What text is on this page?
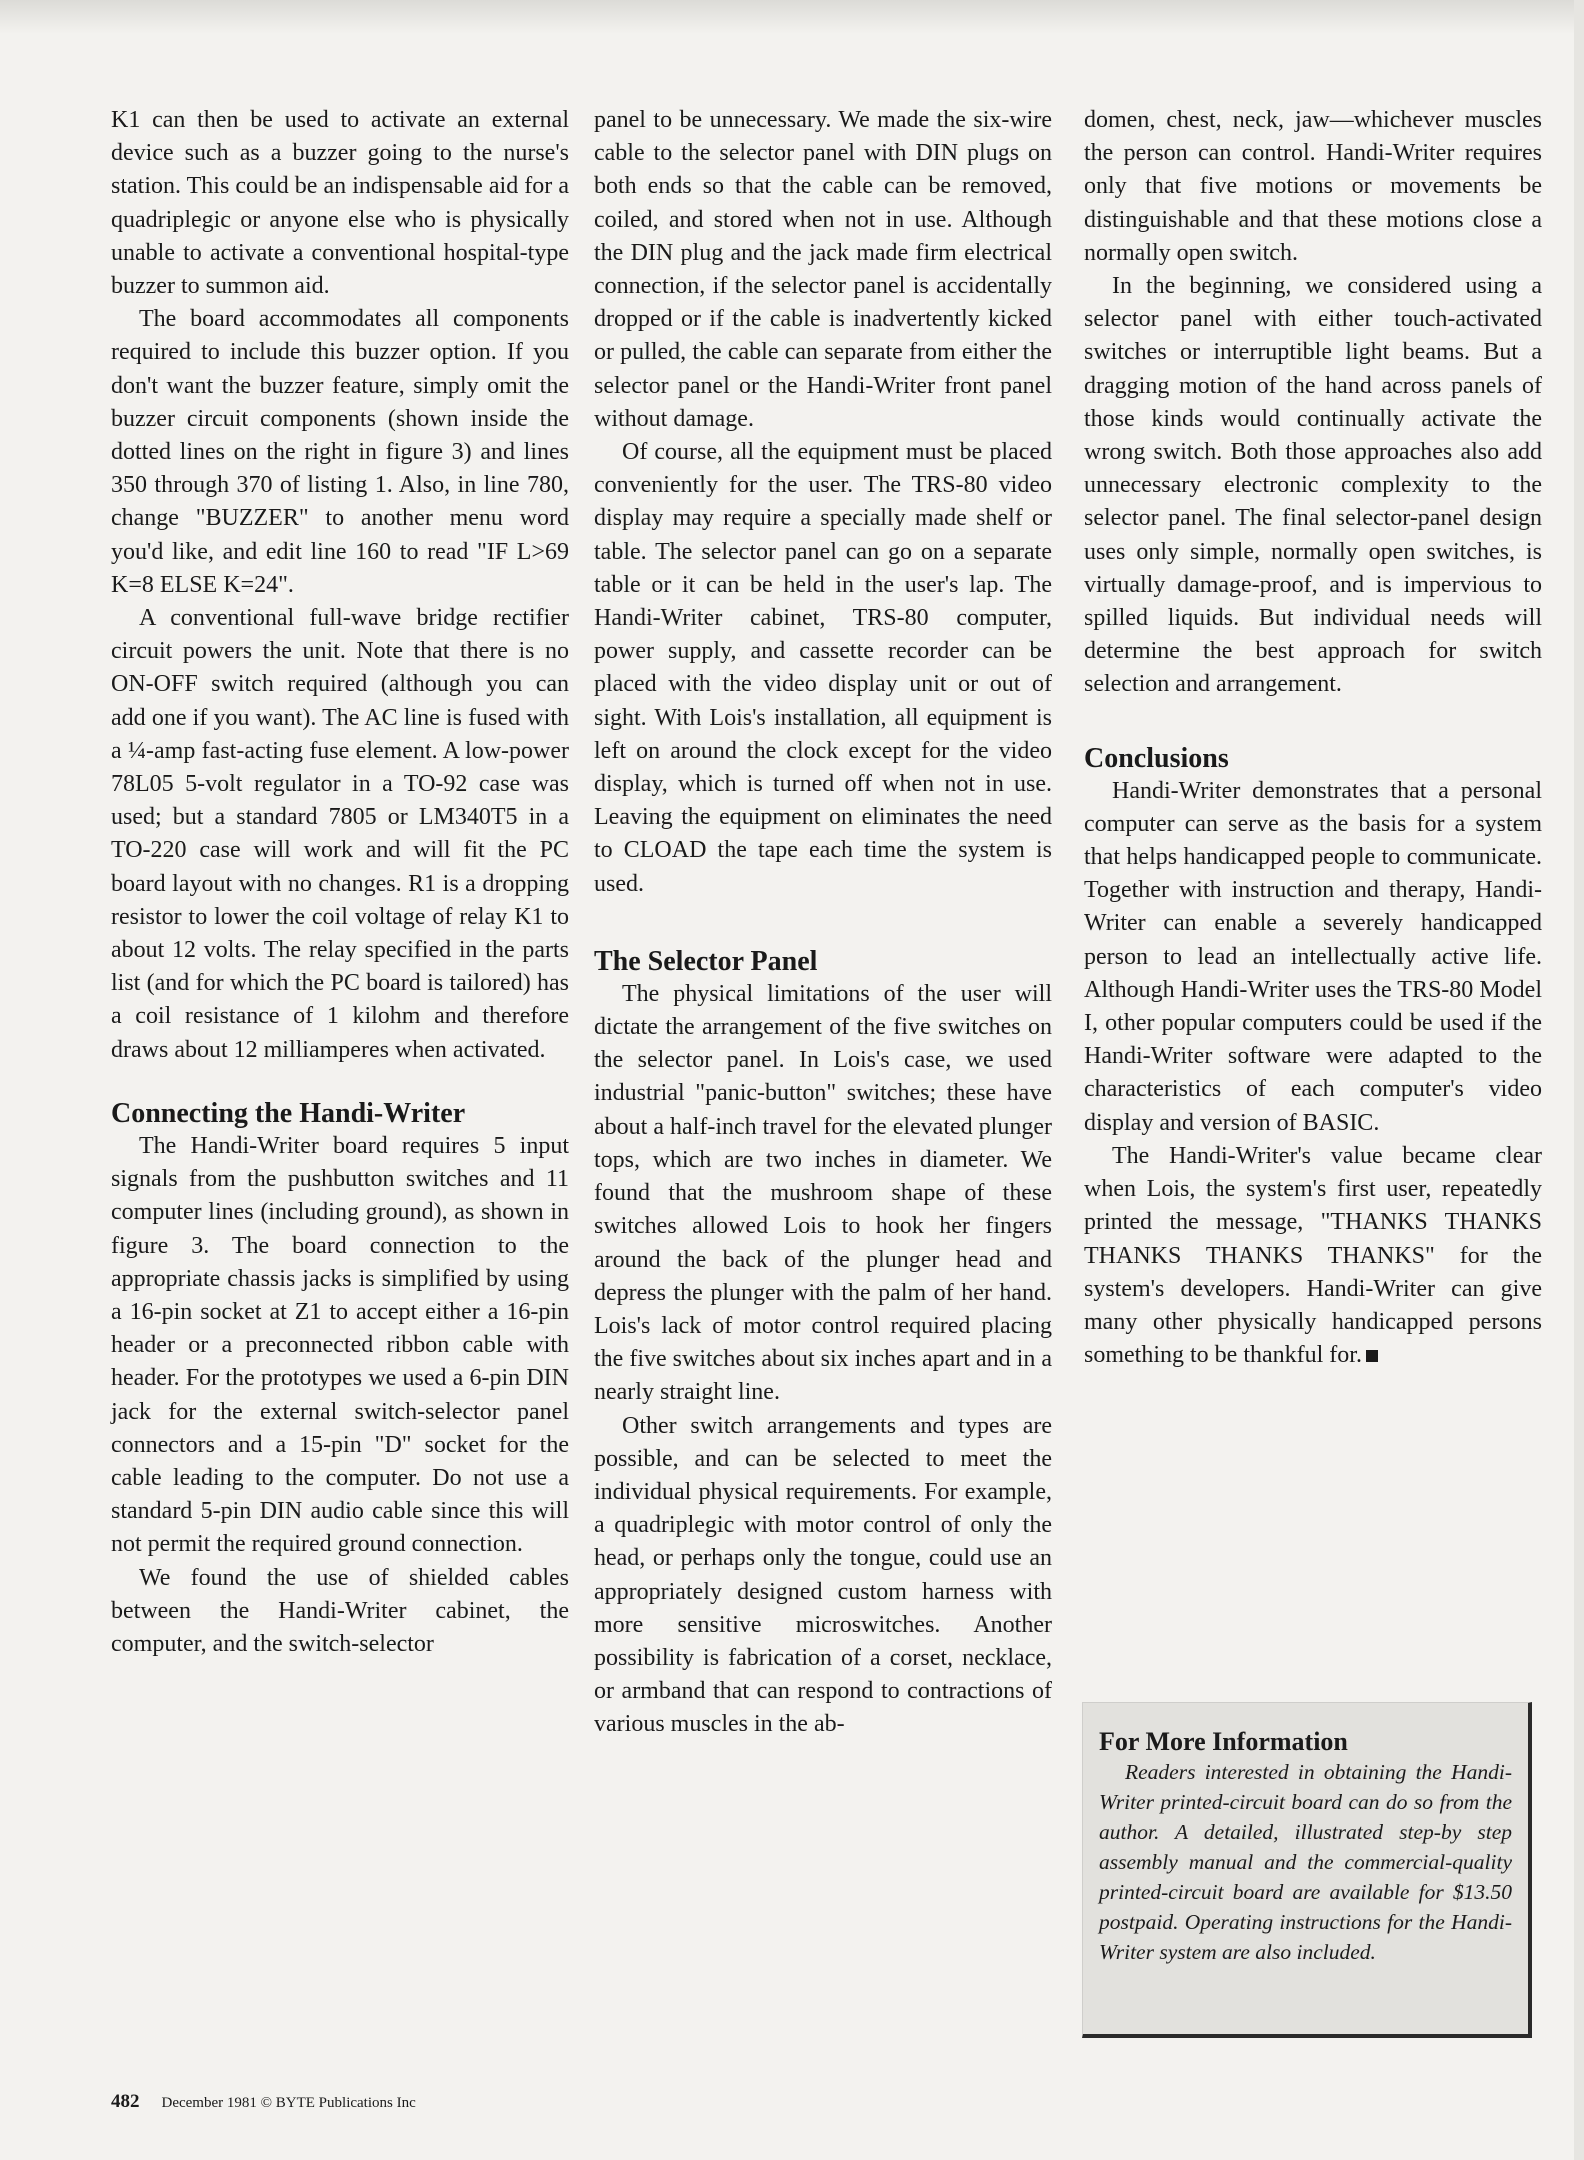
K1 can then be used to activate an external device such as a buzzer going to the nurse's station. This could be an indispensable aid for a quadriplegic or anyone else who is physically unable to activate a conventional hospital-type buzzer to summon aid.

The board accommodates all components required to include this buzzer option. If you don't want the buzzer feature, simply omit the buzzer circuit components (shown inside the dotted lines on the right in figure 3) and lines 350 through 370 of listing 1. Also, in line 780, change "BUZZER" to another menu word you'd like, and edit line 160 to read "IF L>69 K=8 ELSE K=24".

A conventional full-wave bridge rectifier circuit powers the unit. Note that there is no ON-OFF switch required (although you can add one if you want). The AC line is fused with a ¼-amp fast-acting fuse element. A low-power 78L05 5-volt regulator in a TO-92 case was used; but a standard 7805 or LM340T5 in a TO-220 case will work and will fit the PC board layout with no changes. R1 is a dropping resistor to lower the coil voltage of relay K1 to about 12 volts. The relay specified in the parts list (and for which the PC board is tailored) has a coil resistance of 1 kilohm and therefore draws about 12 milliamperes when activated.

Connecting the Handi-Writer

The Handi-Writer board requires 5 input signals from the pushbutton switches and 11 computer lines (including ground), as shown in figure 3. The board connection to the appropriate chassis jacks is simplified by using a 16-pin socket at Z1 to accept either a 16-pin header or a preconnected ribbon cable with header. For the prototypes we used a 6-pin DIN jack for the external switch-selector panel connectors and a 15-pin "D" socket for the cable leading to the computer. Do not use a standard 5-pin DIN audio cable since this will not permit the required ground connection.

We found the use of shielded cables between the Handi-Writer cabinet, the computer, and the switch-selector

panel to be unnecessary. We made the six-wire cable to the selector panel with DIN plugs on both ends so that the cable can be removed, coiled, and stored when not in use. Although the DIN plug and the jack made firm electrical connection, if the selector panel is accidentally dropped or if the cable is inadvertently kicked or pulled, the cable can separate from either the selector panel or the Handi-Writer front panel without damage.

Of course, all the equipment must be placed conveniently for the user. The TRS-80 video display may require a specially made shelf or table. The selector panel can go on a separate table or it can be held in the user's lap. The Handi-Writer cabinet, TRS-80 computer, power supply, and cassette recorder can be placed with the video display unit or out of sight. With Lois's installation, all equipment is left on around the clock except for the video display, which is turned off when not in use. Leaving the equipment on eliminates the need to CLOAD the tape each time the system is used.

The Selector Panel

The physical limitations of the user will dictate the arrangement of the five switches on the selector panel. In Lois's case, we used industrial "panic-button" switches; these have about a half-inch travel for the elevated plunger tops, which are two inches in diameter. We found that the mushroom shape of these switches allowed Lois to hook her fingers around the back of the plunger head and depress the plunger with the palm of her hand. Lois's lack of motor control required placing the five switches about six inches apart and in a nearly straight line.

Other switch arrangements and types are possible, and can be selected to meet the individual physical requirements. For example, a quadriplegic with motor control of only the head, or perhaps only the tongue, could use an appropriately designed custom harness with more sensitive microswitches. Another possibility is fabrication of a corset, necklace, or armband that can respond to contractions of various muscles in the ab-

domen, chest, neck, jaw—whichever muscles the person can control. Handi-Writer requires only that five motions or movements be distinguishable and that these motions close a normally open switch.

In the beginning, we considered using a selector panel with either touch-activated switches or interruptible light beams. But a dragging motion of the hand across panels of those kinds would continually activate the wrong switch. Both those approaches also add unnecessary electronic complexity to the selector panel. The final selector-panel design uses only simple, normally open switches, is virtually damage-proof, and is impervious to spilled liquids. But individual needs will determine the best approach for switch selection and arrangement.

Conclusions

Handi-Writer demonstrates that a personal computer can serve as the basis for a system that helps handicapped people to communicate. Together with instruction and therapy, Handi-Writer can enable a severely handicapped person to lead an intellectually active life. Although Handi-Writer uses the TRS-80 Model I, other popular computers could be used if the Handi-Writer software were adapted to the characteristics of each computer's video display and version of BASIC.

The Handi-Writer's value became clear when Lois, the system's first user, repeatedly printed the message, "THANKS THANKS THANKS THANKS THANKS" for the system's developers. Handi-Writer can give many other physically handicapped persons something to be thankful for.

For More Information

Readers interested in obtaining the Handi-Writer printed-circuit board can do so from the author. A detailed, illustrated step-by step assembly manual and the commercial-quality printed-circuit board are available for $13.50 postpaid. Operating instructions for the Handi-Writer system are also included.

482 December 1981 © BYTE Publications Inc
